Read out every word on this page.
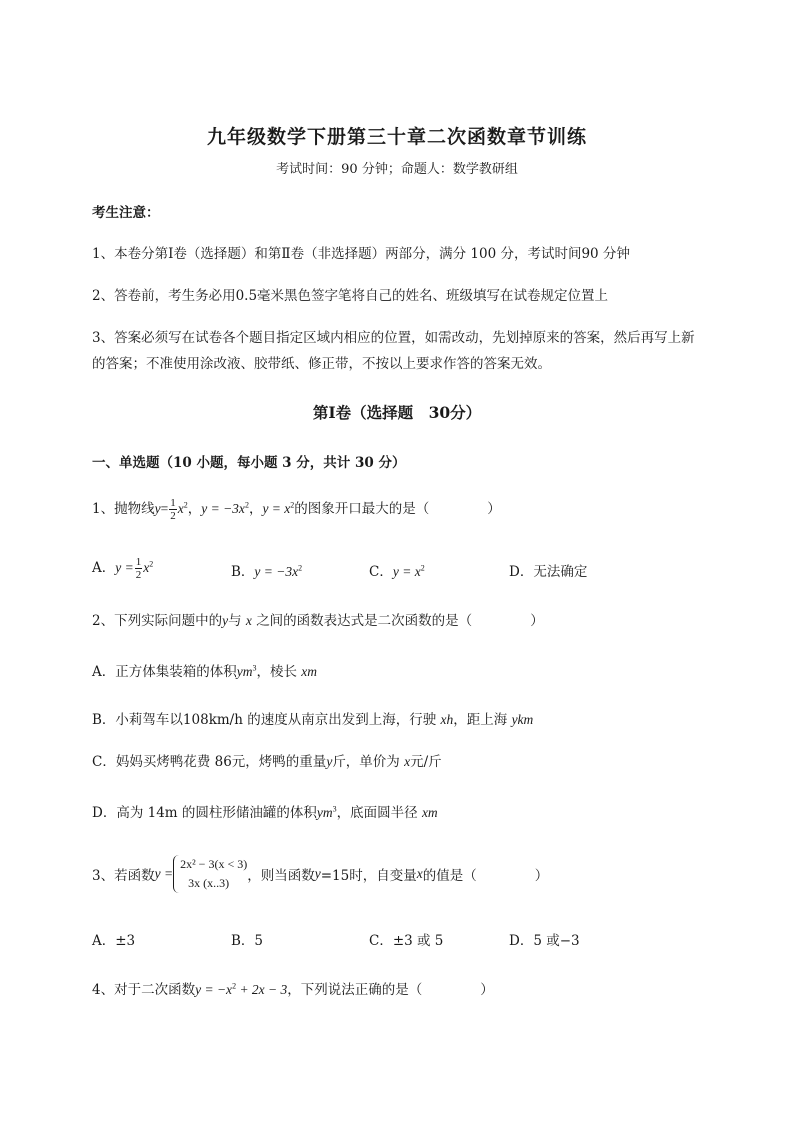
九年级数学下册第三十章二次函数章节训练
考试时间：90 分钟；命题人：数学教研组
考生注意：
1、本卷分第Ⅰ卷（选择题）和第Ⅱ卷（非选择题）两部分，满分 100 分，考试时间90 分钟
2、答卷前，考生务必用0.5毫米黑色签字笔将自己的姓名、班级填写在试卷规定位置上
3、答案必须写在试卷各个题目指定区域内相应的位置，如需改动，先划掉原来的答案，然后再写上新
的答案；不准使用涂改液、胶带纸、修正带，不按以上要求作答的答案无效。
第Ⅰ卷（选择题　30分）
一、单选题（10 小题，每小题 3 分，共计 30 分）
1、抛物线$y= \frac{1}{2} x^2$，$y = -3x^2$，$y = x^2$的图象开口最大的是（	）
A．$y = \frac{1}{2} x^2$	B．$y = -3x^2$	C．$y = x^2$	D．无法确定
2、下列实际问题中的y与 x 之间的函数表达式是二次函数的是（	）
A．正方体集装箱的体积$ym^3$，棱长 xm
B．小莉驾车以108km/h 的速度从南京出发到上海，行驶 xh，距上海 ykm
C．妈妈买烤鸭花费 86元，烤鸭的重量y斤，单价为 x元/斤
D．高为 14m 的圆柱形储油罐的体积$ym^3$，底面圆半径 xm
3、若函数y =
2x² − 3(x < 3)
3x (x..3)	，则当函数y=15时，自变量x的值是（	）
A．±3	B．5	C．±3 或 5	D．5 或−3
4、对于二次函数$y = -x^2 + 2x - 3$，下列说法正确的是（	）
